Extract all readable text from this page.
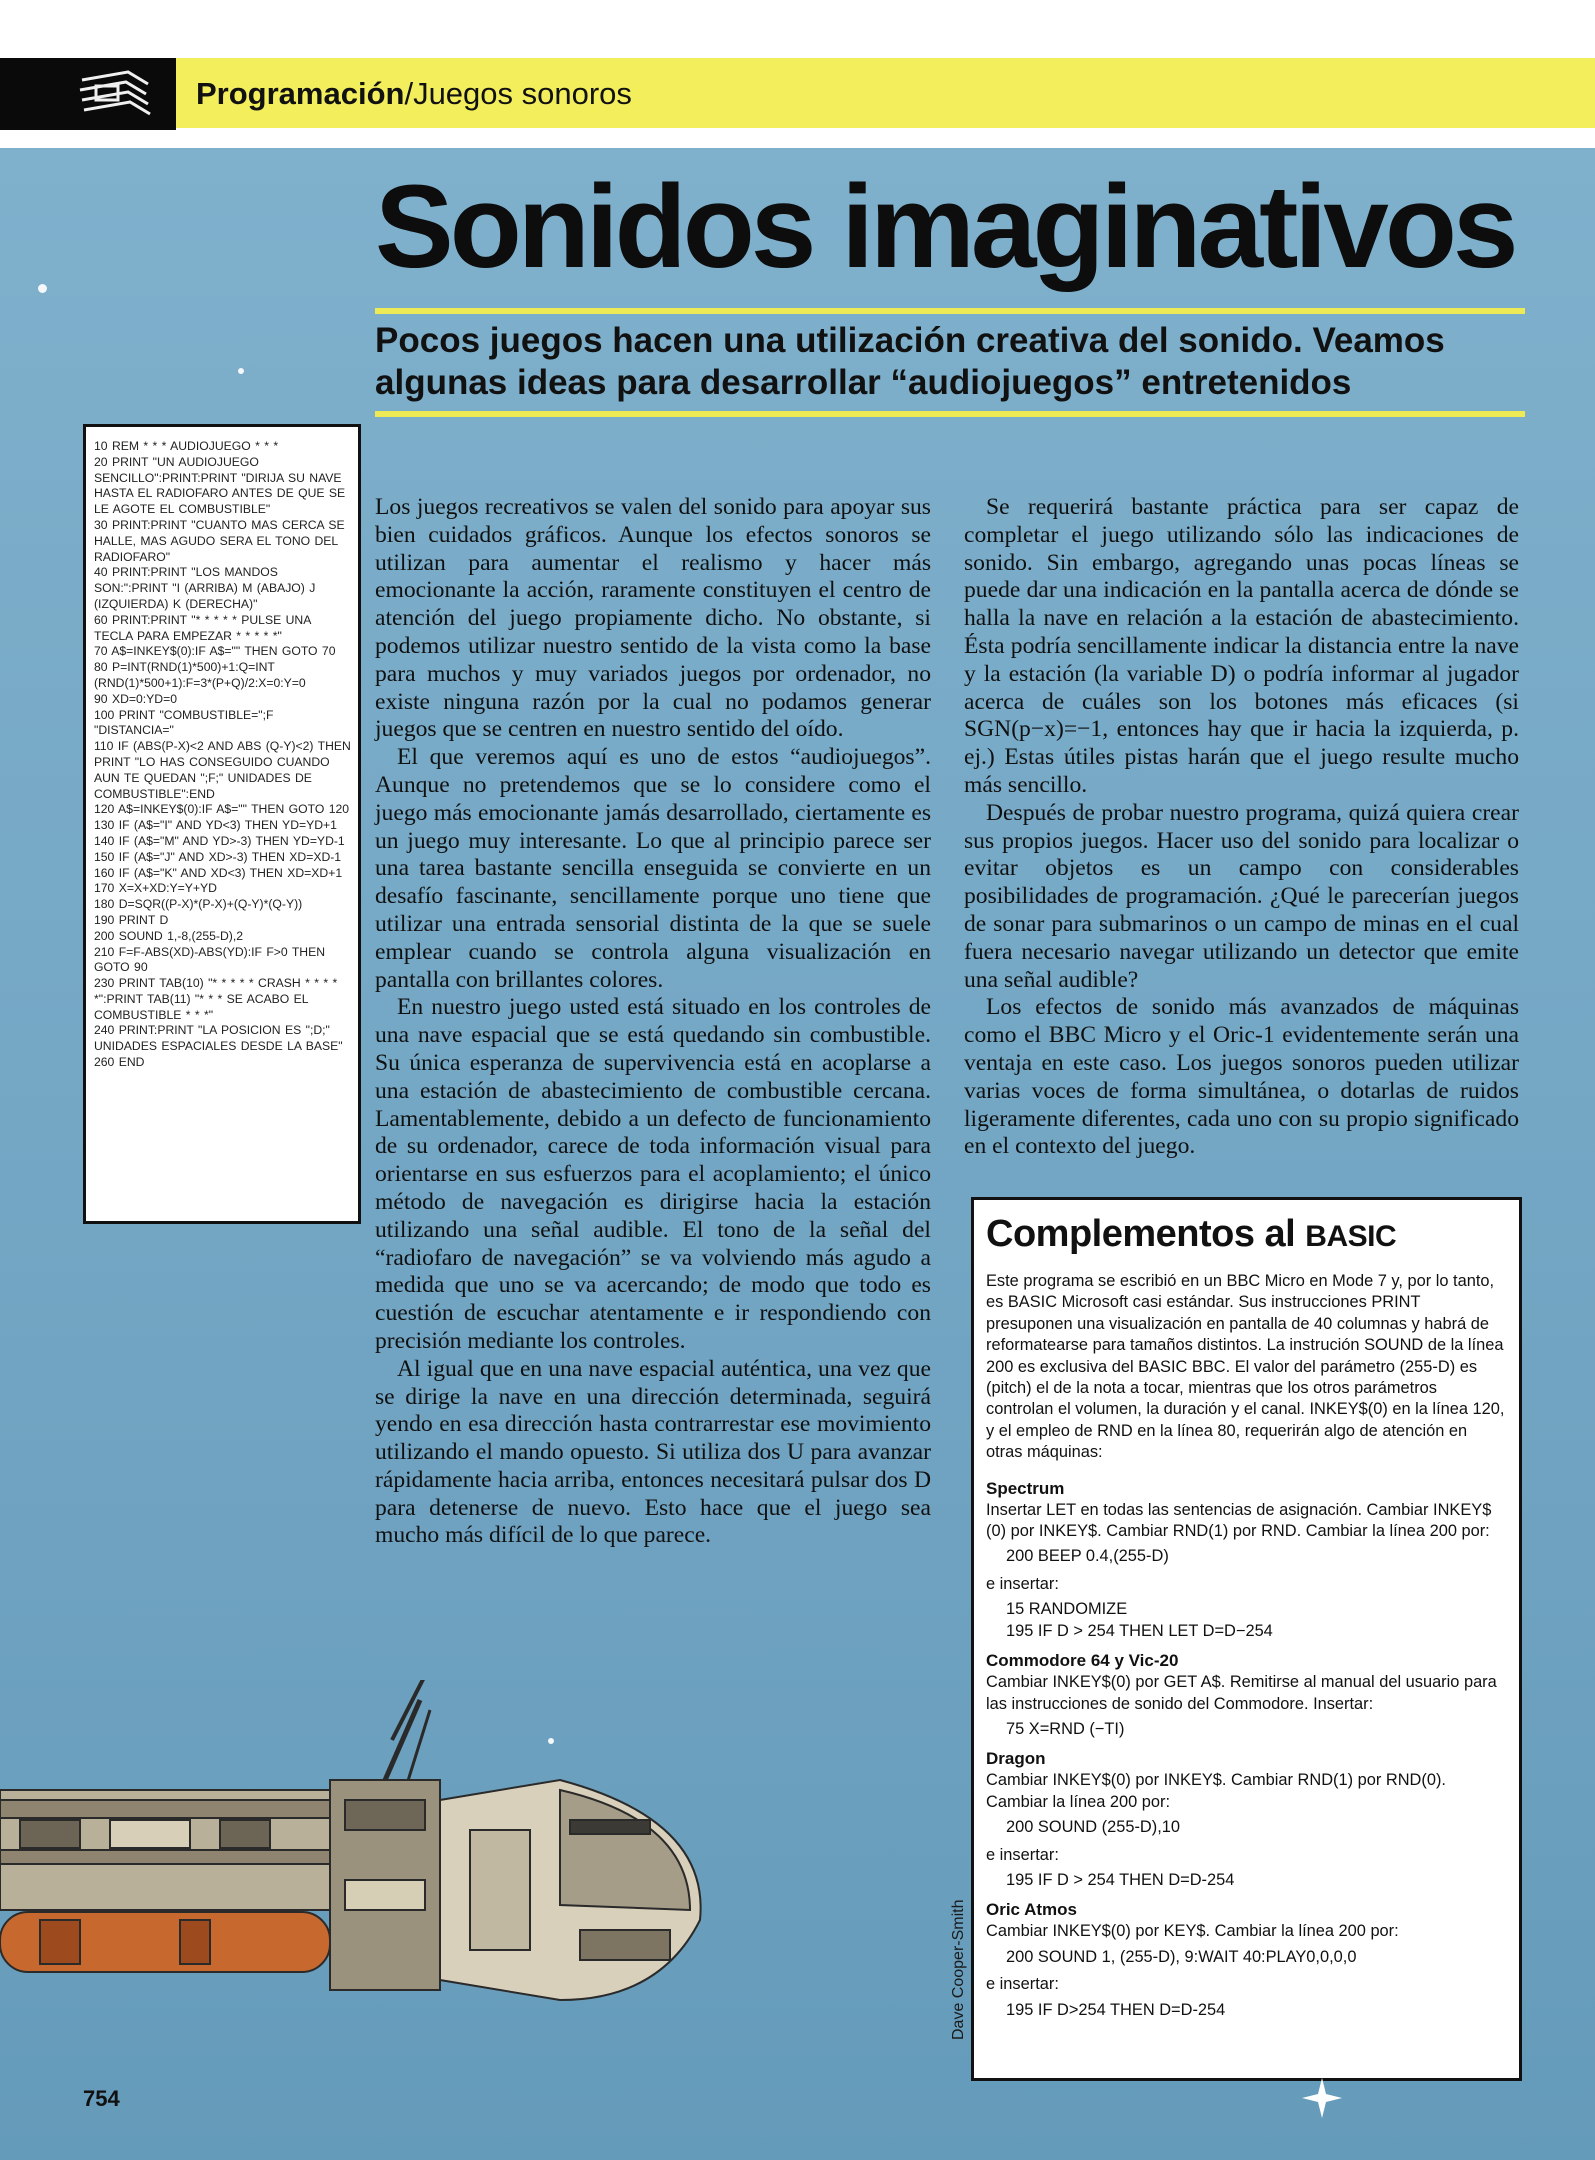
Programación/Juegos sonoros
Sonidos imaginativos
Pocos juegos hacen una utilización creativa del sonido. Veamos algunas ideas para desarrollar “audiojuegos” entretenidos
10 REM * * * AUDIOJUEGO * * *
20 PRINT "UN AUDIOJUEGO SENCILLO":PRINT:PRINT "DIRIJA SU NAVE HASTA EL RADIOFARO ANTES DE QUE SE LE AGOTE EL COMBUSTIBLE"
30 PRINT:PRINT "CUANTO MAS CERCA SE HALLE, MAS AGUDO SERA EL TONO DEL RADIOFARO"
40 PRINT:PRINT "LOS MANDOS SON:":PRINT "I (ARRIBA) M (ABAJO) J (IZQUIERDA) K (DERECHA)"
60 PRINT:PRINT "* * * * * PULSE UNA TECLA PARA EMPEZAR * * * * *"
70 A$=INKEY$(0):IF A$="" THEN GOTO 70
80 P=INT(RND(1)*500)+1:Q=INT (RND(1)*500+1):F=3*(P+Q)/2:X=0:Y=0
90 XD=0:YD=0
100 PRINT "COMBUSTIBLE=";F "DISTANCIA="
110 IF (ABS(P-X)<2 AND ABS (Q-Y)<2) THEN PRINT "LO HAS CONSEGUIDO CUANDO AUN TE QUEDAN ";F;" UNIDADES DE COMBUSTIBLE":END
120 A$=INKEY$(0):IF A$="" THEN GOTO 120
130 IF (A$="I" AND YD<3) THEN YD=YD+1
140 IF (A$="M" AND YD>-3) THEN YD=YD-1
150 IF (A$="J" AND XD>-3) THEN XD=XD-1
160 IF (A$="K" AND XD<3) THEN XD=XD+1
170 X=X+XD:Y=Y+YD
180 D=SQR((P-X)*(P-X)+(Q-Y)*(Q-Y))
190 PRINT D
200 SOUND 1,-8,(255-D),2
210 F=F-ABS(XD)-ABS(YD):IF F>0 THEN GOTO 90
230 PRINT TAB(10) "* * * * * CRASH * * * * *":PRINT TAB(11) "* * * SE ACABO EL COMBUSTIBLE * * *"
240 PRINT:PRINT "LA POSICION ES ";D;" UNIDADES ESPACIALES DESDE LA BASE"
260 END

Los juegos recreativos se valen del sonido para apoyar sus bien cuidados gráficos. Aunque los efectos sonoros se utilizan para aumentar el realismo y hacer más emocionante la acción, raramente constituyen el centro de atención del juego propiamente dicho. No obstante, si podemos utilizar nuestro sentido de la vista como la base para muchos y muy variados juegos por ordenador, no existe ninguna razón por la cual no podamos generar juegos que se centren en nuestro sentido del oído.

El que veremos aquí es uno de estos “audiojuegos”. Aunque no pretendemos que se lo considere como el juego más emocionante jamás desarrollado, ciertamente es un juego muy interesante. Lo que al principio parece ser una tarea bastante sencilla enseguida se convierte en un desafío fascinante, sencillamente porque uno tiene que utilizar una entrada sensorial distinta de la que se suele emplear cuando se controla alguna visualización en pantalla con brillantes colores.

En nuestro juego usted está situado en los controles de una nave espacial que se está quedando sin combustible. Su única esperanza de supervivencia está en acoplarse a una estación de abastecimiento de combustible cercana. Lamentablemente, debido a un defecto de funcionamiento de su ordenador, carece de toda información visual para orientarse en sus esfuerzos para el acoplamiento; el único método de navegación es dirigirse hacia la estación utilizando una señal audible. El tono de la señal del “radiofaro de navegación” se va volviendo más agudo a medida que uno se va acercando; de modo que todo es cuestión de escuchar atentamente e ir respondiendo con precisión mediante los controles.

Al igual que en una nave espacial auténtica, una vez que se dirige la nave en una dirección determinada, seguirá yendo en esa dirección hasta contrarrestar ese movimiento utilizando el mando opuesto. Si utiliza dos U para avanzar rápidamente hacia arriba, entonces necesitará pulsar dos D para detenerse de nuevo. Esto hace que el juego sea mucho más difícil de lo que parece.

Se requerirá bastante práctica para ser capaz de completar el juego utilizando sólo las indicaciones de sonido. Sin embargo, agregando unas pocas líneas se puede dar una indicación en la pantalla acerca de dónde se halla la nave en relación a la estación de abastecimiento. Ésta podría sencillamente indicar la distancia entre la nave y la estación (la variable D) o podría informar al jugador acerca de cuáles son los botones más eficaces (si SGN(p−x)=−1, entonces hay que ir hacia la izquierda, p. ej.) Estas útiles pistas harán que el juego resulte mucho más sencillo.

Después de probar nuestro programa, quizá quiera crear sus propios juegos. Hacer uso del sonido para localizar o evitar objetos es un campo con considerables posibilidades de programación. ¿Qué le parecerían juegos de sonar para submarinos o un campo de minas en el cual fuera necesario navegar utilizando un detector que emite una señal audible?

Los efectos de sonido más avanzados de máquinas como el BBC Micro y el Oric-1 evidentemente serán una ventaja en este caso. Los juegos sonoros pueden utilizar varias voces de forma simultánea, o dotarlas de ruidos ligeramente diferentes, cada uno con su propio significado en el contexto del juego.

Complementos al BASIC
Este programa se escribió en un BBC Micro en Mode 7 y, por lo tanto, es BASIC Microsoft casi estándar. Sus instrucciones PRINT presuponen una visualización en pantalla de 40 columnas y habrá de reformatearse para tamaños distintos. La instrución SOUND de la línea 200 es exclusiva del BASIC BBC. El valor del parámetro (255-D) es (pitch) el de la nota a tocar, mientras que los otros parámetros controlan el volumen, la duración y el canal. INKEY$(0) en la línea 120, y el empleo de RND en la línea 80, requerirán algo de atención en otras máquinas:
Spectrum
Insertar LET en todas las sentencias de asignación. Cambiar INKEY$ (0) por INKEY$. Cambiar RND(1) por RND. Cambiar la línea 200 por:
200 BEEP 0.4,(255-D)
e insertar:
15 RANDOMIZE
195 IF D > 254 THEN LET D=D−254
Commodore 64 y Vic-20
Cambiar INKEY$(0) por GET A$. Remitirse al manual del usuario para las instrucciones de sonido del Commodore. Insertar:
75 X=RND (−TI)
Dragon
Cambiar INKEY$(0) por INKEY$. Cambiar RND(1) por RND(0). Cambiar la línea 200 por:
200 SOUND (255-D),10
e insertar:
195 IF D > 254 THEN D=D-254
Oric Atmos
Cambiar INKEY$(0) por KEY$. Cambiar la línea 200 por:
200 SOUND 1, (255-D), 9:WAIT 40:PLAY0,0,0,0
e insertar:
195 IF D>254 THEN D=D-254
Dave Cooper-Smith
754
